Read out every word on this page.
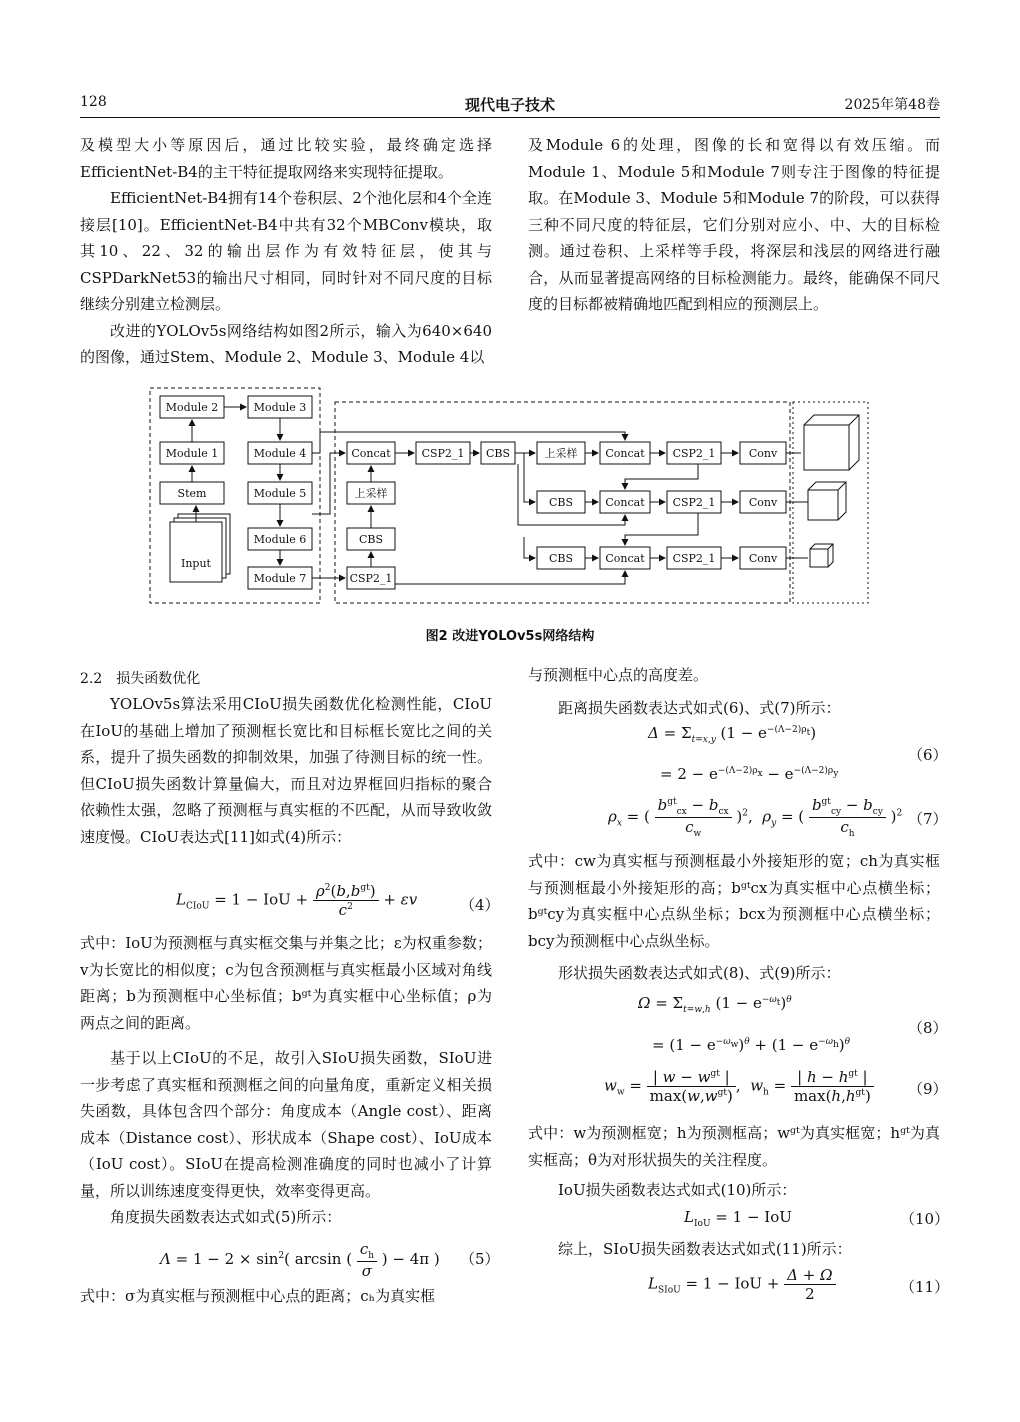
128	现代电子技术	2025年第48卷

及模型大小等原因后，通过比较实验，最终确定选择EfficientNet-B4的主干特征提取网络来实现特征提取。

EfficientNet-B4拥有14个卷积层、2个池化层和4个全连接层[10]。EfficientNet-B4中共有32个MBConv模块，取其10、22、32的输出层作为有效特征层，使其与CSPDarkNet53的输出尺寸相同，同时针对不同尺度的目标继续分别建立检测层。

改进的YOLOv5s网络结构如图2所示，输入为640×640的图像，通过Stem、Module 2、Module 3、Module 4以

及Module 6的处理，图像的长和宽得以有效压缩。而Module 1、Module 5和Module 7则专注于图像的特征提取。在Module 3、Module 5和Module 7的阶段，可以获得三种不同尺度的特征层，它们分别对应小、中、大的目标检测。通过卷积、上采样等手段，将深层和浅层的网络进行融合，从而显著提高网络的目标检测能力。最终，能确保不同尺度的目标都被精确地匹配到相应的预测层上。

Module 2	Module 3
Module 1	Module 4
Stem	Module 5
Module 6
Module 7
Input
Concat
上采样
CBS
CSP2_1
CSP2_1 CBS	上采样	Concat	CSP2_1	Conv
CBS	Concat	CSP2_1	Conv
CBS	Concat	CSP2_1	Conv
图2 改进YOLOv5s网络结构
2.2　损失函数优化

YOLOv5s算法采用CIoU损失函数优化检测性能，CIoU在IoU的基础上增加了预测框长宽比和目标框长宽比之间的关系，提升了损失函数的抑制效果，加强了待测目标的统一性。但CIoU损失函数计算量偏大，而且对边界框回归指标的聚合依赖性太强，忽略了预测框与真实框的不匹配，从而导致收敛速度慢。CIoU表达式[11]如式(4)所示：

$L_{CIoU} = 1$ − IoU + $\frac{\rho^2(b,b^{gt})}{c^2} + \varepsilon v$	（4）

式中：IoU为预测框与真实框交集与并集之比；ε为权重参数；v为长宽比的相似度；c为包含预测框与真实框最小区域对角线距离；b为预测框中心坐标值；bᵍᵗ为真实框中心坐标值；ρ为两点之间的距离。

基于以上CIoU的不足，故引入SIoU损失函数，SIoU进一步考虑了真实框和预测框之间的向量角度，重新定义相关损失函数，具体包含四个部分：角度成本（Angle cost）、距离成本（Distance cost）、形状成本（Shape cost）、IoU成本（IoU cost）。SIoU在提高检测准确度的同时也减小了计算量，所以训练速度变得更快，效率变得更高。

角度损失函数表达式如式(5)所示：

$\Lambda = 1 - 2 \times \sin^2$( arcsin ( $\frac{c_h}{\sigma}$ ) − 4π ) （5）

式中：σ为真实框与预测框中心点的距离；cₕ为真实框

与预测框中心点的高度差。

距离损失函数表达式如式(6)、式(7)所示：

$\Delta = \Sigma_{t=x,y}$ $(1 - e^{-(\Lambda-2)\rho_t})$
= $2 - e^{-(\Lambda-2)\rho_x} - e^{-(\Lambda-2)\rho_y}$
（6）
$\rho_x$ = ( $\frac{b^{gt}_{cx} - b_{cx}}{c_w} )^2$,  $\rho_y$ = ( $\frac{b^{gt}_{cy} - b_{cy}}{c_h} )^2$ （7）

式中：cw为真实框与预测框最小外接矩形的宽；ch为真实框与预测框最小外接矩形的高；bᵍᵗcx为真实框中心点横坐标；bᵍᵗcy为真实框中心点纵坐标；bcx为预测框中心点横坐标；bcy为预测框中心点纵坐标。

形状损失函数表达式如式(8)、式(9)所示：

$\Omega = \Sigma_{t=w,h}$ $(1 - e^{-\omega_t})^\theta$
= $(1 - e^{-\omega_w})^\theta + (1 - e^{-\omega_h})^\theta$
（8）
$w_w = \frac{| w - w^{gt} |}{\max(w,w^{gt})}$ ,  $w_h = \frac{| h - h^{gt} |}{\max(h,h^{gt})} (9)$

式中：w为预测框宽；h为预测框高；wᵍᵗ为真实框宽；hᵍᵗ为真实框高；θ为对形状损失的关注程度。

IoU损失函数表达式如式(10)所示：

$L_{IoU} = 1$ − IoU	（10）

综上，SIoU损失函数表达式如式(11)所示：

$L_{SIoU} = 1$ − IoU + $\frac{\Delta + \Omega}{2}$	（11）
